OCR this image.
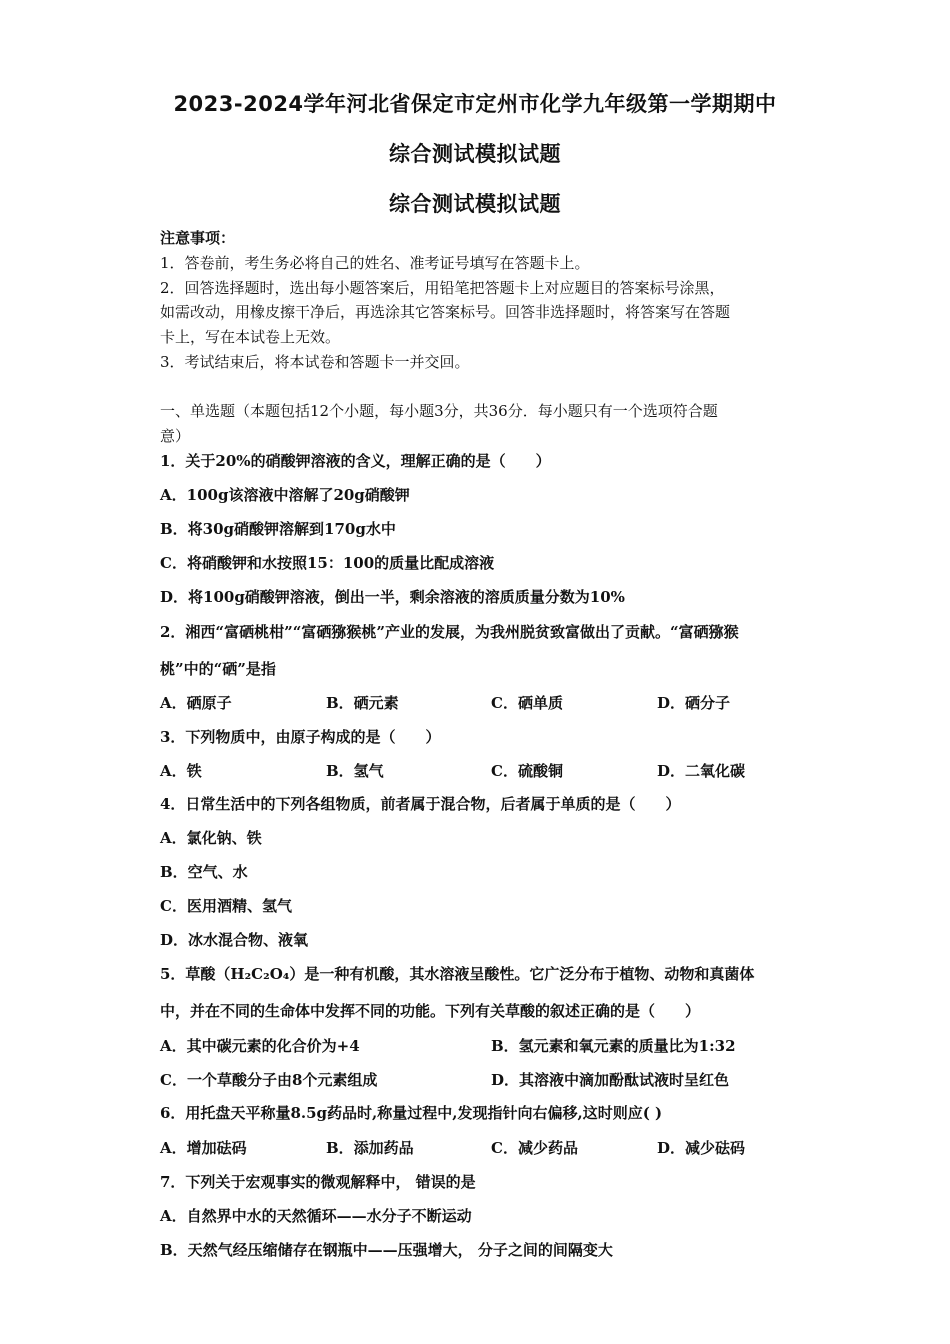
2023-2024学年河北省保定市定州市化学九年级第一学期期中
综合测试模拟试题
综合测试模拟试题
注意事项：
1．答卷前，考生务必将自己的姓名、准考证号填写在答题卡上。
2．回答选择题时，选出每小题答案后，用铅笔把答题卡上对应题目的答案标号涂黑，
如需改动，用橡皮擦干净后，再选涂其它答案标号。回答非选择题时，将答案写在答题
卡上，写在本试卷上无效。
3．考试结束后，将本试卷和答题卡一并交回。
一、单选题（本题包括12个小题，每小题3分，共36分．每小题只有一个选项符合题
意）
1．关于20%的硝酸钾溶液的含义，理解正确的是（　　）
A．100g该溶液中溶解了20g硝酸钾
B．将30g硝酸钾溶解到170g水中
C．将硝酸钾和水按照15：100的质量比配成溶液
D．将100g硝酸钾溶液，倒出一半，剩余溶液的溶质质量分数为10%
2．湘西“富硒桃柑”“富硒猕猴桃”产业的发展，为我州脱贫致富做出了贡献。“富硒猕猴
桃”中的“硒”是指
A．硒原子	B．硒元素	C．硒单质	D．硒分子
3．下列物质中，由原子构成的是（　　）
A．铁	B．氢气	C．硫酸铜	D．二氧化碳
4．日常生活中的下列各组物质，前者属于混合物，后者属于单质的是（　　）
A．氯化钠、铁
B．空气、水
C．医用酒精、氢气
D．冰水混合物、液氧
5．草酸（H₂C₂O₄）是一种有机酸，其水溶液呈酸性。它广泛分布于植物、动物和真菌体
中，并在不同的生命体中发挥不同的功能。下列有关草酸的叙述正确的是（　　）
A．其中碳元素的化合价为+4	B．氢元素和氧元素的质量比为1:32
C．一个草酸分子由8个元素组成	D．其溶液中滴加酚酞试液时呈红色
6．用托盘天平称量8.5g药品时,称量过程中,发现指针向右偏移,这时则应( )
A．增加砝码	B．添加药品	C．减少药品	D．减少砝码
7．下列关于宏观事实的微观解释中， 错误的是
A．自然界中水的天然循环——水分子不断运动
B．天然气经压缩储存在钢瓶中——压强增大， 分子之间的间隔变大
